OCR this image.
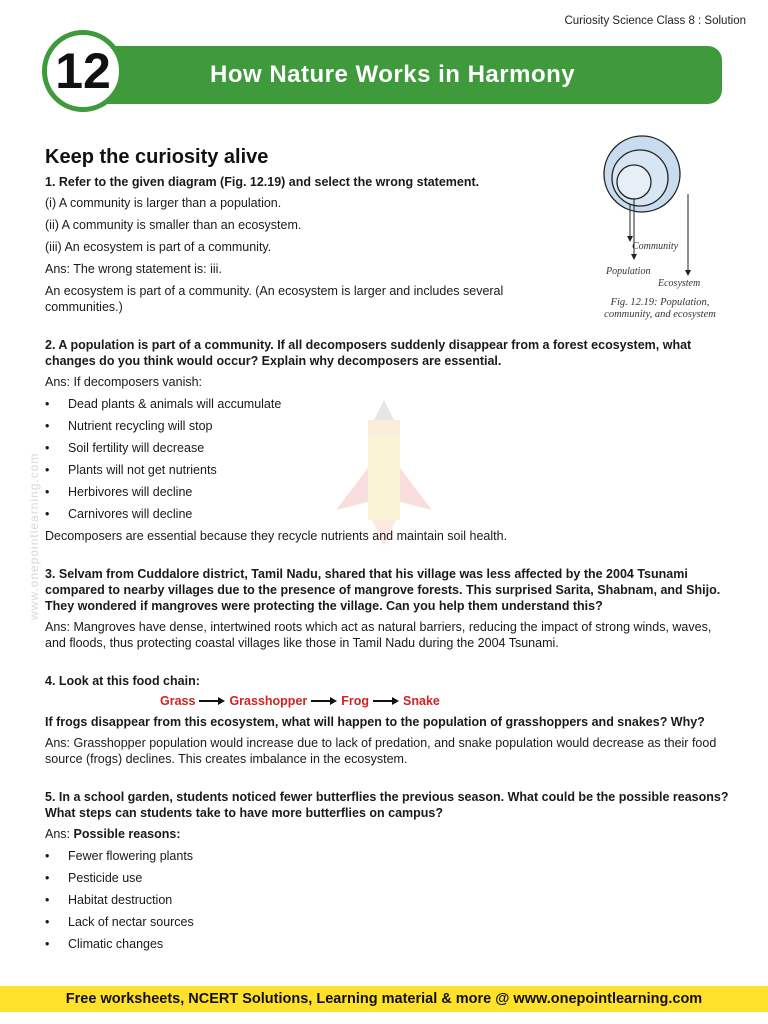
Curiosity Science Class 8 : Solution
How Nature Works in Harmony
12
www.onepointlearning.com
Community
Population
Ecosystem
Fig. 12.19: Population, community, and ecosystem
Keep the curiosity alive
1. Refer to the given diagram (Fig. 12.19) and select the wrong statement.
(i) A community is larger than a population.
(ii) A community is smaller than an ecosystem.
(iii) An ecosystem is part of a community.
Ans: The wrong statement is: iii.
An ecosystem is part of a community. (An ecosystem is larger and includes several communities.)
2. A population is part of a community. If all decomposers suddenly disappear from a forest ecosystem, what changes do you think would occur? Explain why decomposers are essential.
Ans: If decomposers vanish:
• Dead plants & animals will accumulate
• Nutrient recycling will stop
• Soil fertility will decrease
• Plants will not get nutrients
• Herbivores will decline
• Carnivores will decline
Decomposers are essential because they recycle nutrients and maintain soil health.
3. Selvam from Cuddalore district, Tamil Nadu, shared that his village was less affected by the 2004 Tsunami compared to nearby villages due to the presence of mangrove forests. This surprised Sarita, Shabnam, and Shijo. They wondered if mangroves were protecting the village. Can you help them understand this?
Ans: Mangroves have dense, intertwined roots which act as natural barriers, reducing the impact of strong winds, waves, and floods, thus protecting coastal villages like those in Tamil Nadu during the 2004 Tsunami.
4. Look at this food chain:
Grass	Grasshopper	Frog	Snake
If frogs disappear from this ecosystem, what will happen to the population of grasshoppers and snakes? Why?
Ans: Grasshopper population would increase due to lack of predation, and snake population would decrease as their food source (frogs) declines. This creates imbalance in the ecosystem.
5. In a school garden, students noticed fewer butterflies the previous season. What could be the possible reasons? What steps can students take to have more butterflies on campus?
Ans: Possible reasons:
• Fewer flowering plants
• Pesticide use
• Habitat destruction
• Lack of nectar sources
• Climatic changes
Free worksheets, NCERT Solutions, Learning material & more @ www.onepointlearning.com
